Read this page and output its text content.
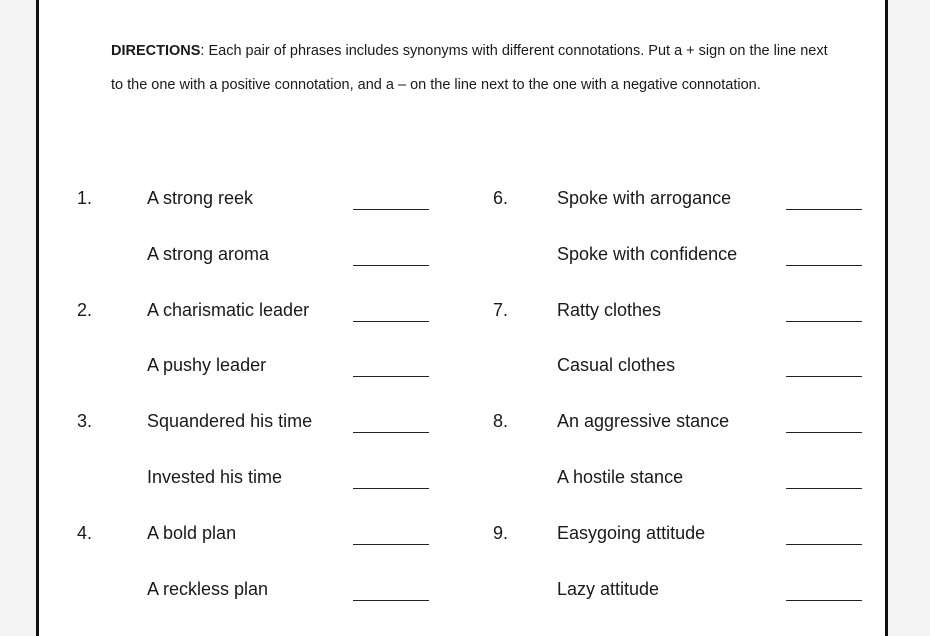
DIRECTIONS: Each pair of phrases includes synonyms with different connotations. Put a + sign on the line next to the one with a positive connotation, and a – on the line next to the one with a negative connotation.
1.	A strong reek
A strong aroma
2.	A charismatic leader
A pushy leader
3.	Squandered his time
Invested his time
4.	A bold plan
A reckless plan
6.	Spoke with arrogance
Spoke with confidence
7.	Ratty clothes
Casual clothes
8.	An aggressive stance
A hostile stance
9.	Easygoing attitude
Lazy attitude
